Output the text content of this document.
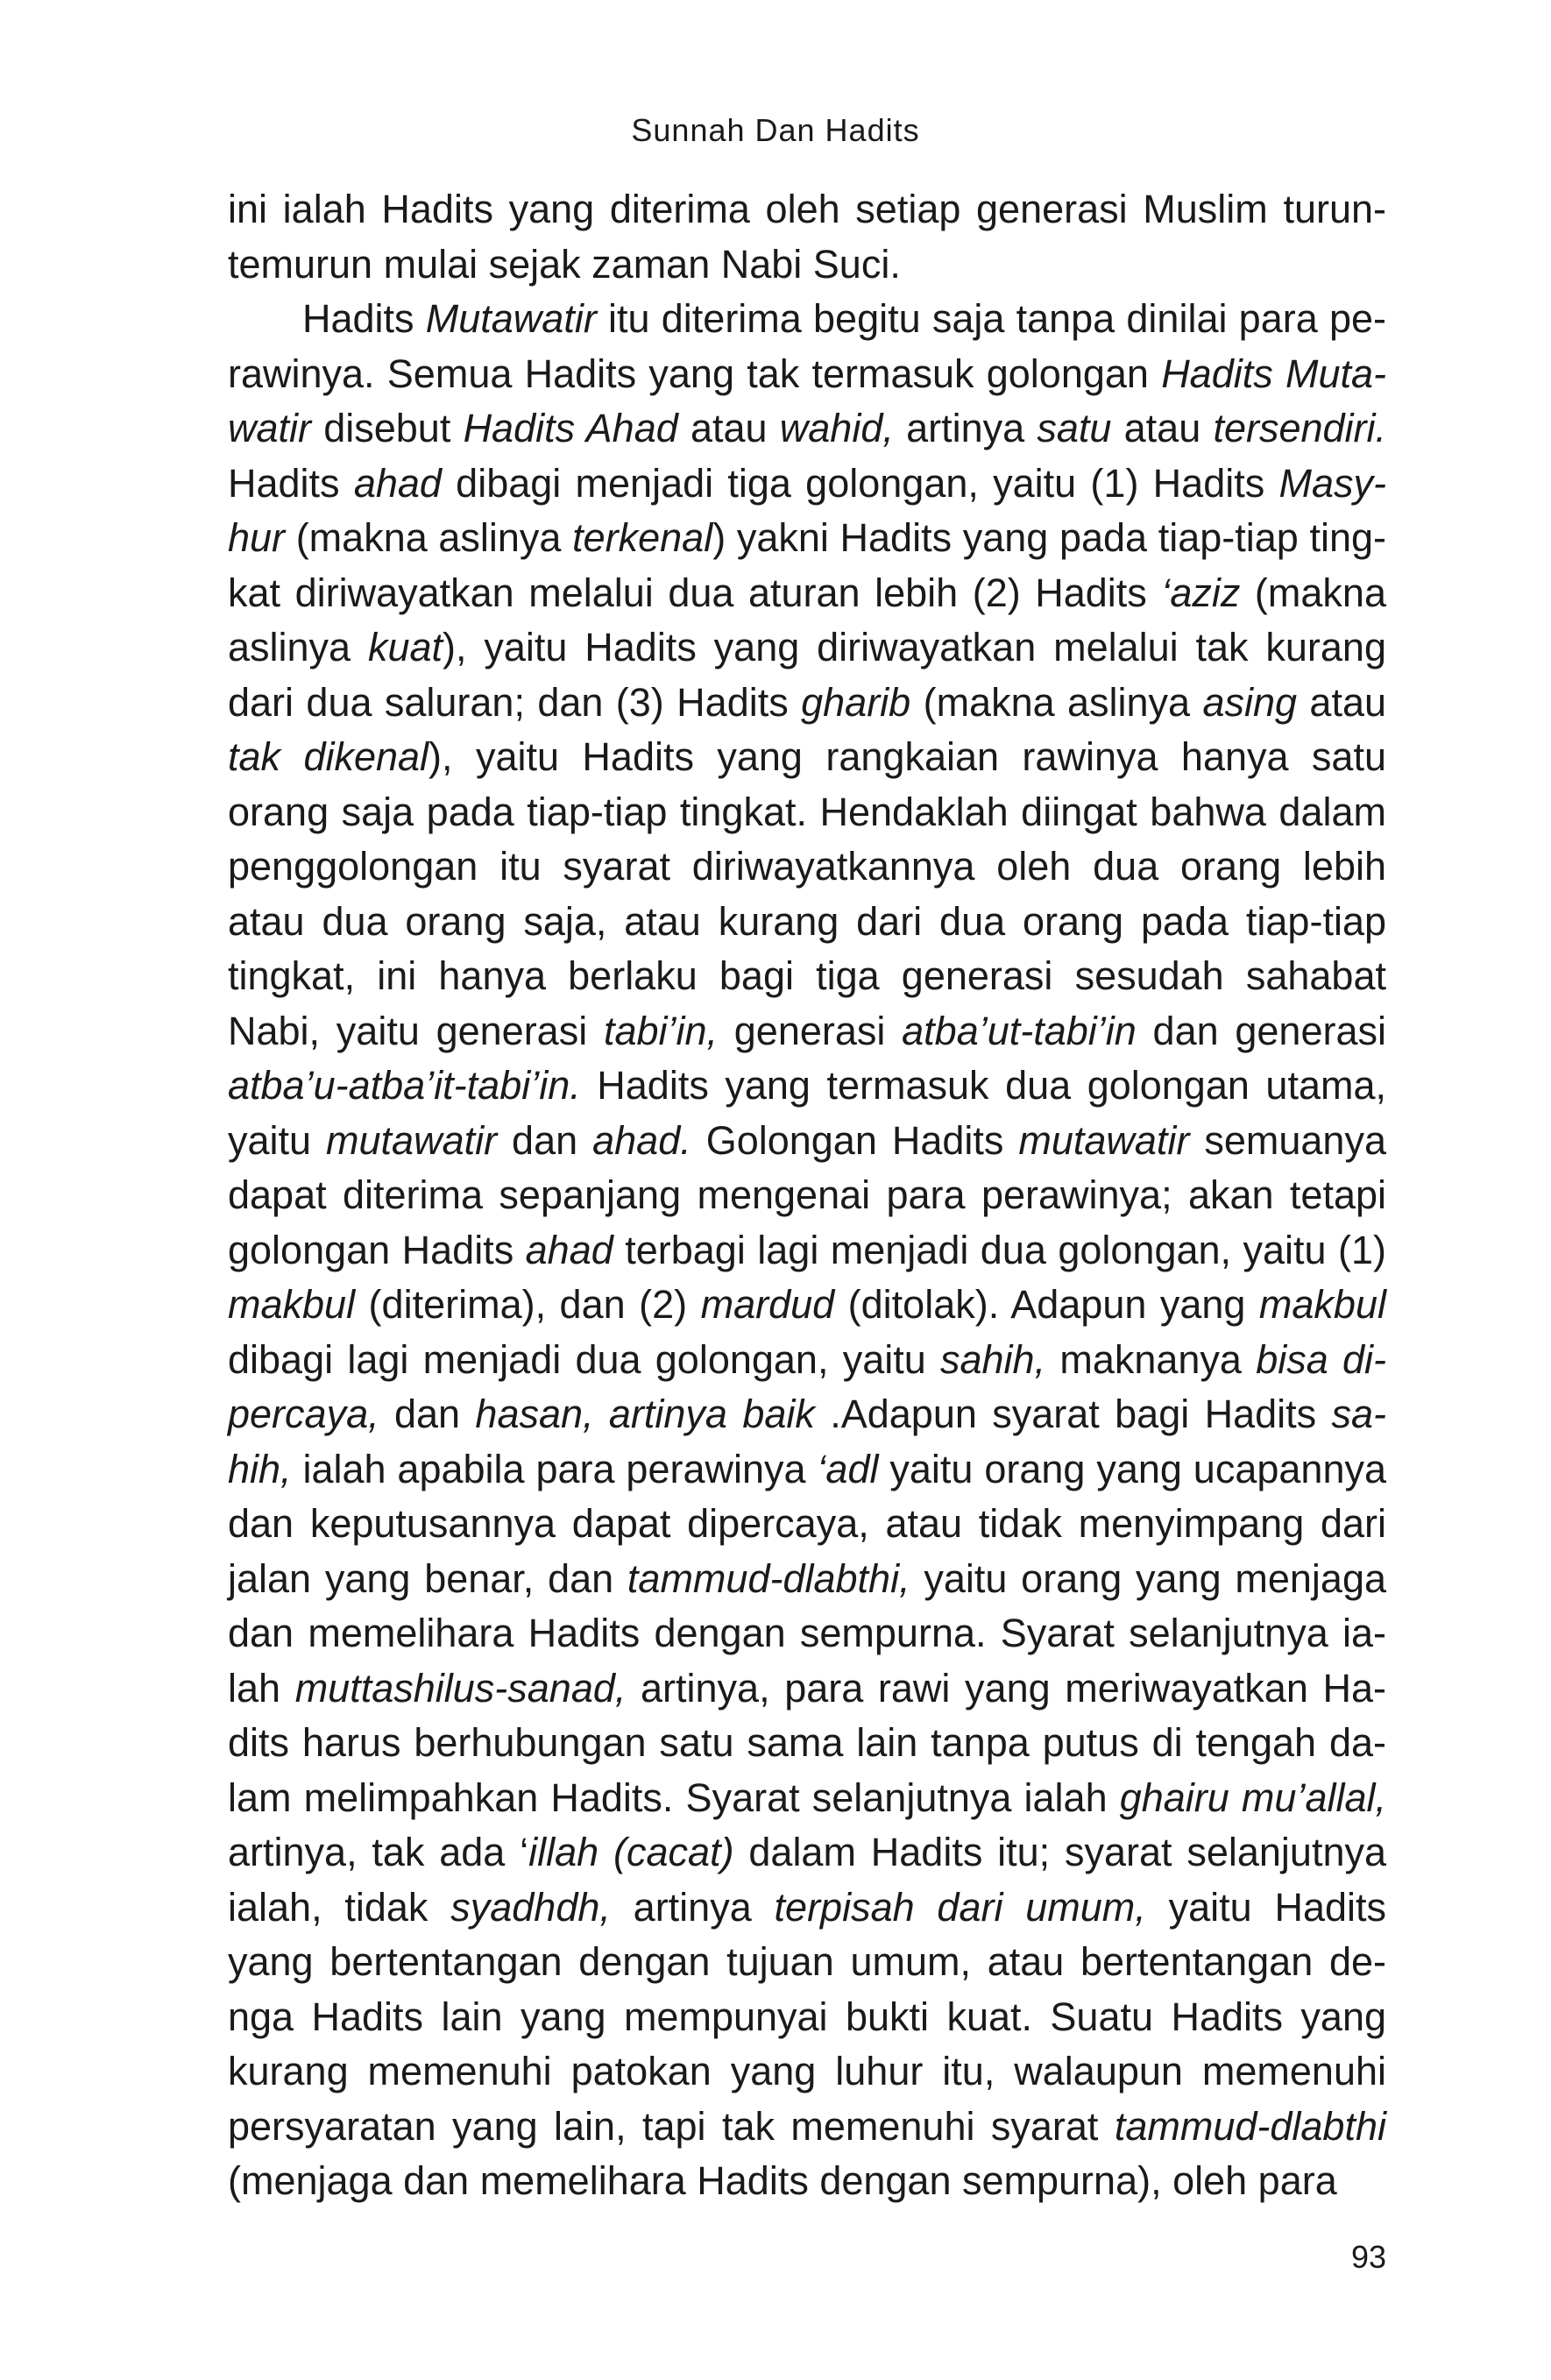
Sunnah Dan Hadits

ini ialah Hadits yang diterima oleh setiap generasi Muslim turun-temurun mulai sejak zaman Nabi Suci.

Hadits Mutawatir itu diterima begitu saja tanpa dinilai para pe-rawinya. Semua Hadits yang tak termasuk golongan Hadits Muta-watir disebut Hadits Ahad atau wahid, artinya satu atau tersendiri. Hadits ahad dibagi menjadi tiga golongan, yaitu (1) Hadits Masy-hur (makna aslinya terkenal) yakni Hadits yang pada tiap-tiap ting-kat diriwayatkan melalui dua aturan lebih (2) Hadits ‘aziz (makna aslinya kuat), yaitu Hadits yang diriwayatkan melalui tak kurang dari dua saluran; dan (3) Hadits gharib (makna aslinya asing atau tak dikenal), yaitu Hadits yang rangkaian rawinya hanya satu orang saja pada tiap-tiap tingkat. Hendaklah diingat bahwa dalam penggolongan itu syarat diriwayatkannya oleh dua orang lebih atau dua orang saja, atau kurang dari dua orang pada tiap-tiap tingkat, ini hanya berlaku bagi tiga generasi sesudah sahabat Nabi, yaitu generasi tabi’in, generasi atba’ut-tabi’in dan generasi atba’u-atba’it-tabi’in. Hadits yang termasuk dua golongan utama, yaitu mutawatir dan ahad. Golongan Hadits mutawatir semuanya dapat diterima sepanjang mengenai para perawinya; akan tetapi golongan Hadits ahad terbagi lagi menjadi dua golongan, yaitu (1) makbul (diterima), dan (2) mardud (ditolak). Adapun yang makbul dibagi lagi menjadi dua golongan, yaitu sahih, maknanya bisa di-percaya, dan hasan, artinya baik .Adapun syarat bagi Hadits sa-hih, ialah apabila para perawinya ‘adl yaitu orang yang ucapannya dan keputusannya dapat dipercaya, atau tidak menyimpang dari jalan yang benar, dan tammud-dlabthi, yaitu orang yang menjaga dan memelihara Hadits dengan sempurna. Syarat selanjutnya ia-lah muttashilus-sanad, artinya, para rawi yang meriwayatkan Ha-dits harus berhubungan satu sama lain tanpa putus di tengah da-lam melimpahkan Hadits. Syarat selanjutnya ialah ghairu mu’allal, artinya, tak ada ‘illah (cacat) dalam Hadits itu; syarat selanjutnya ialah, tidak syadhdh, artinya terpisah dari umum, yaitu Hadits yang bertentangan dengan tujuan umum, atau bertentangan de-nga Hadits lain yang mempunyai bukti kuat. Suatu Hadits yang kurang memenuhi patokan yang luhur itu, walaupun memenuhi persyaratan yang lain, tapi tak memenuhi syarat tammud-dlabthi (menjaga dan memelihara Hadits dengan sempurna), oleh para

93
